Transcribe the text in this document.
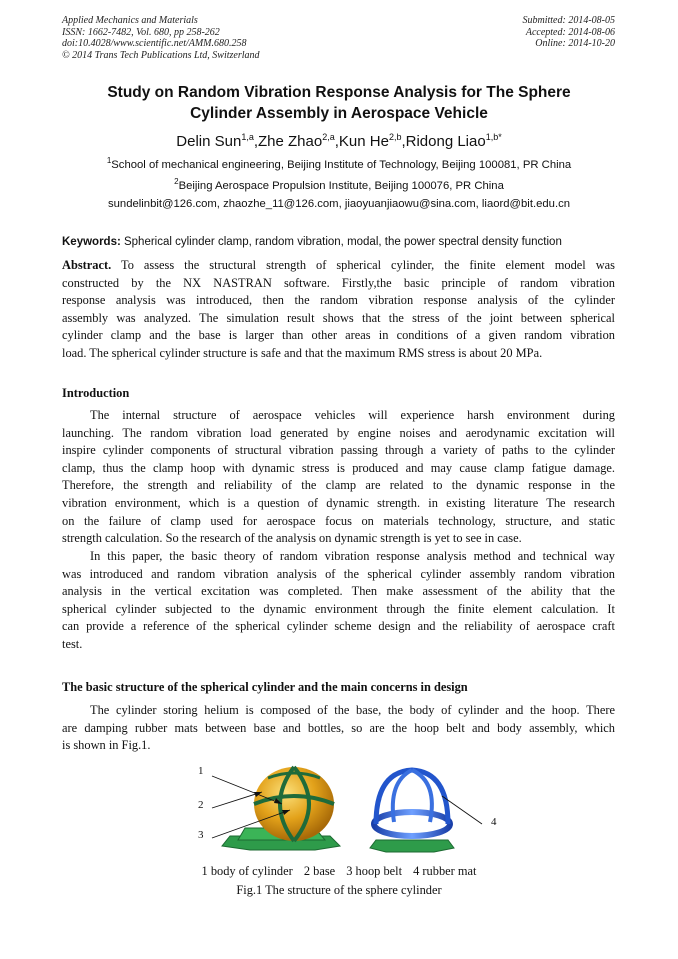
Applied Mechanics and Materials
ISSN: 1662-7482, Vol. 680, pp 258-262
doi:10.4028/www.scientific.net/AMM.680.258
© 2014 Trans Tech Publications Ltd, Switzerland
Submitted: 2014-08-05
Accepted: 2014-08-06
Online: 2014-10-20
Study on Random Vibration Response Analysis for The Sphere
Cylinder Assembly in Aerospace Vehicle
Delin Sun$^{1,a}$,Zhe Zhao$^{2,a}$,Kun He$^{2,b}$,Ridong Liao$^{1,b*}$
$^1$School of mechanical engineering, Beijing Institute of Technology, Beijing 100081, PR China
$^2$Beijing Aerospace Propulsion Institute, Beijing 100076, PR China
sundelinbit@126.com, zhaozhe_11@126.com, jiaoyuanjiaowu@sina.com, liaord@bit.edu.cn
Keywords: Spherical cylinder clamp, random vibration, modal, the power spectral density function
Abstract. To assess the structural strength of spherical cylinder, the finite element model was
constructed by the NX NASTRAN software. Firstly,the basic principle of random vibration
response analysis was introduced, then the random vibration response analysis of the cylinder
assembly was analyzed. The simulation result shows that the stress of the joint between spherical
cylinder clamp and the base is larger than other areas in conditions of a given random vibration
load. The spherical cylinder structure is safe and that the maximum RMS stress is about 20 MPa.
Introduction
The internal structure of aerospace vehicles will experience harsh environment during
launching. The random vibration load generated by engine noises and aerodynamic excitation will
inspire cylinder components of structural vibration passing through a variety of paths to the cylinder
clamp, thus the clamp hoop with dynamic stress is produced and may cause clamp fatigue damage.
Therefore, the strength and reliability of the clamp are related to the dynamic response in the
vibration environment, which is a question of dynamic strength. in existing literature The research
on the failure of clamp used for aerospace focus on materials technology, structure, and static
strength calculation. So the research of the analysis on dynamic strength is yet to see in case.
In this paper, the basic theory of random vibration response analysis method and technical way
was introduced and random vibration analysis of the spherical cylinder assembly random vibration
analysis in the vertical excitation was completed. Then make assessment of the ability that the
spherical cylinder subjected to the dynamic environment through the finite element calculation. It
can provide a reference of the spherical cylinder scheme design and the reliability of aerospace craft
test.
The basic structure of the spherical cylinder and the main concerns in design
The cylinder storing helium is composed of the base, the body of cylinder and the hoop. There
are damping rubber mats between base and bottles, so are the hoop belt and body assembly, which
is shown in Fig.1.
1
2
3
4
1 body of cylinder 2 base 3 hoop belt 4 rubber mat
Fig.1 The structure of the sphere cylinder
